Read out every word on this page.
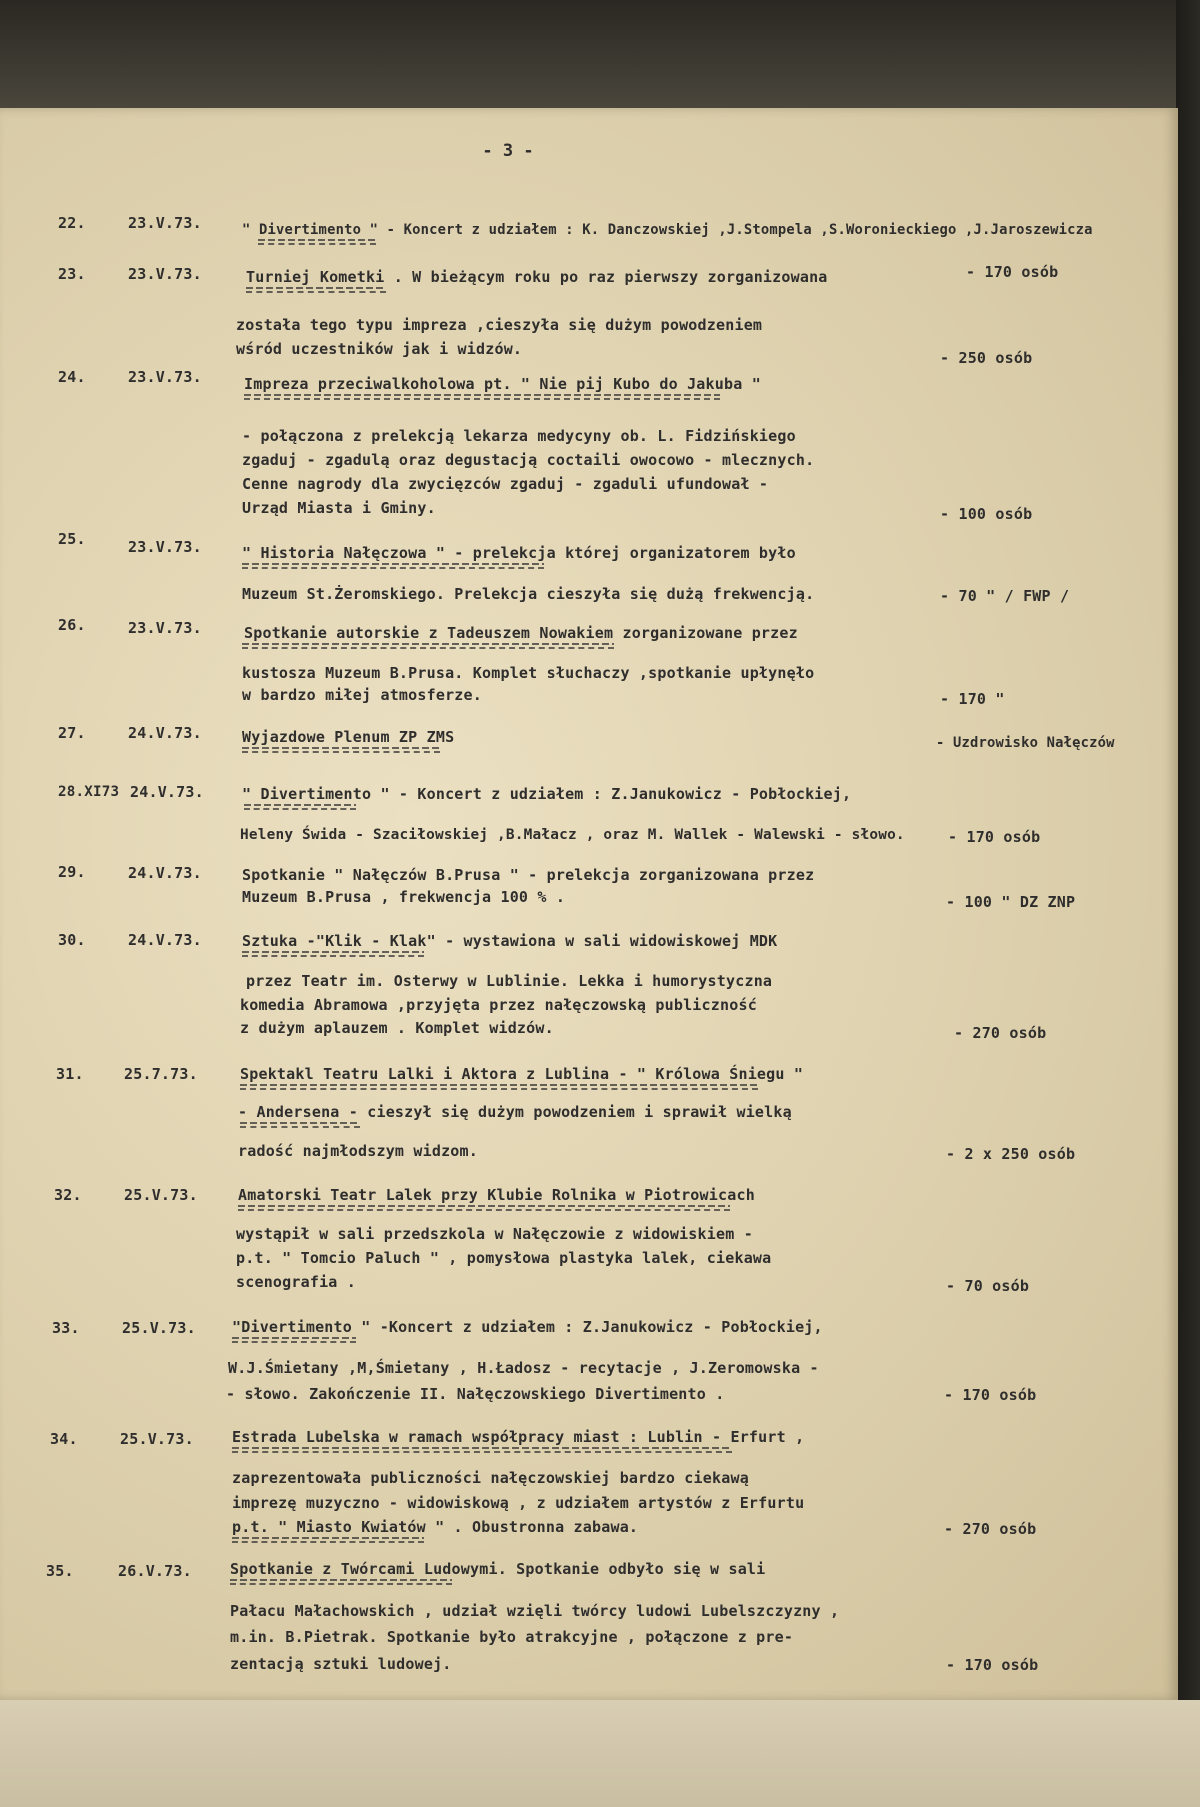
- 3 -
22.	23.V.73.	" Divertimento " - Koncert z udziałem : K. Danczowskiej ,J.Stompela ,S.Woronieckiego ,J.Jaroszewicza
23.	23.V.73.	Turniej Kometki . W bieżącym roku po raz pierwszy zorganizowana	- 170 osób
została tego typu impreza ,cieszyła się dużym powodzeniem
wśród uczestników jak i widzów.	- 250 osób
24.	23.V.73.	Impreza przeciwalkoholowa pt. " Nie pij Kubo do Jakuba "
- połączona z prelekcją lekarza medycyny ob. L. Fidzińskiego
zgaduj - zgadulą oraz degustacją coctaili owocowo - mlecznych.
Cenne nagrody dla zwycięzców zgaduj - zgaduli ufundował -
Urząd Miasta i Gminy.	- 100 osób
25.	23.V.73.	" Historia Nałęczowa " - prelekcja której organizatorem było
Muzeum St.Żeromskiego. Prelekcja cieszyła się dużą frekwencją.	- 70 " / FWP /
26.	23.V.73.	Spotkanie autorskie z Tadeuszem Nowakiem zorganizowane przez
kustosza Muzeum B.Prusa. Komplet słuchaczy ,spotkanie upłynęło
w bardzo miłej atmosferze.	- 170 "
27.	24.V.73.	Wyjazdowe Plenum ZP ZMS	- Uzdrowisko Nałęczów
28.XI73 24.V.73.	" Divertimento " - Koncert z udziałem : Z.Janukowicz - Pobłockiej,
Heleny Świda - Szaciłowskiej ,B.Małacz , oraz M. Wallek - Walewski - słowo.	- 170 osób
29.	24.V.73.	Spotkanie " Nałęczów B.Prusa " - prelekcja zorganizowana przez
Muzeum B.Prusa , frekwencja 100 % .	- 100 " DZ ZNP
30.	24.V.73.	Sztuka -"Klik - Klak" - wystawiona w sali widowiskowej MDK
przez Teatr im. Osterwy w Lublinie. Lekka i humorystyczna
komedia Abramowa ,przyjęta przez nałęczowską publiczność
z dużym aplauzem . Komplet widzów.	- 270 osób
31.	25.7.73.	Spektakl Teatru Lalki i Aktora z Lublina - " Królowa Śniegu "
- Andersena - cieszył się dużym powodzeniem i sprawił wielką
radość najmłodszym widzom.	- 2 x 250 osób
32.	25.V.73.	Amatorski Teatr Lalek przy Klubie Rolnika w Piotrowicach
wystąpił w sali przedszkola w Nałęczowie z widowiskiem -
p.t. " Tomcio Paluch " , pomysłowa plastyka lalek, ciekawa
scenografia .	- 70 osób
33.	25.V.73. "Divertimento " -Koncert z udziałem : Z.Janukowicz - Pobłockiej,
W.J.Śmietany ,M,Śmietany , H.Ładosz - recytacje , J.Zeromowska -
- słowo. Zakończenie II. Nałęczowskiego Divertimento .	- 170 osób
34.	25.V.73.	Estrada Lubelska w ramach współpracy miast : Lublin - Erfurt ,
zaprezentowała publiczności nałęczowskiej bardzo ciekawą
imprezę muzyczno - widowiskową , z udziałem artystów z Erfurtu
p.t. " Miasto Kwiatów " . Obustronna zabawa.	- 270 osób
35.	26.V.73.	Spotkanie z Twórcami Ludowymi. Spotkanie odbyło się w sali
Pałacu Małachowskich , udział wzięli twórcy ludowi Lubelszczyzny ,
m.in. B.Pietrak. Spotkanie było atrakcyjne , połączone z pre-
zentacją sztuki ludowej.	- 170 osób
